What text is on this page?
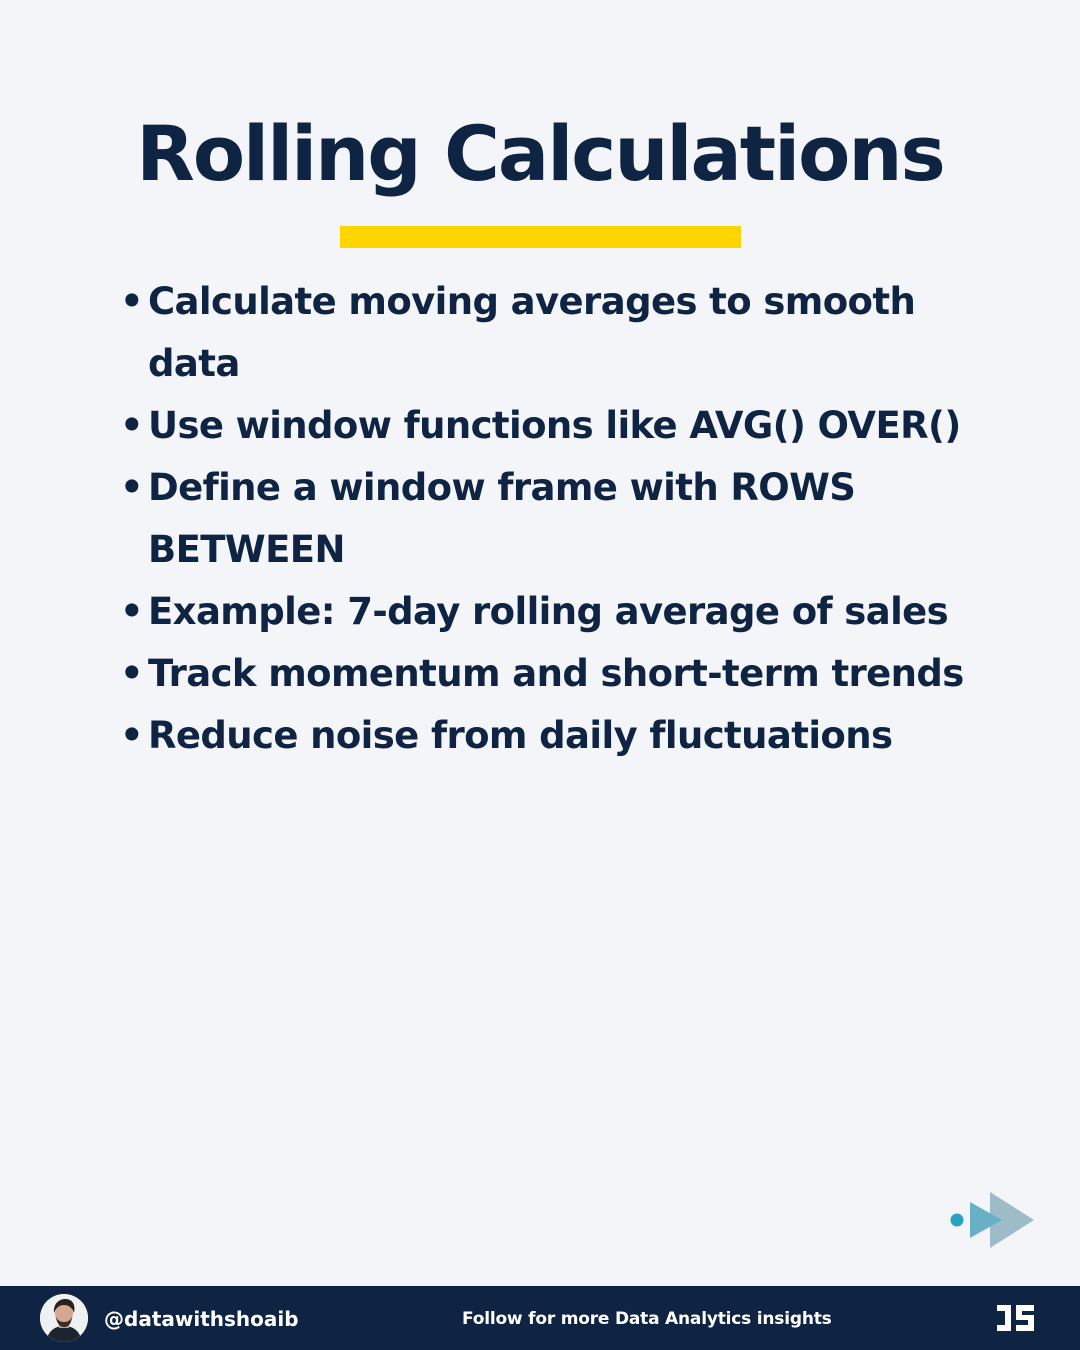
Rolling Calculations
• Calculate moving averages to smooth data
• Use window functions like AVG() OVER()
• Define a window frame with ROWS BETWEEN
• Example: 7-day rolling average of sales
• Track momentum and short-term trends
• Reduce noise from daily fluctuations
@datawithshoaib	Follow for more Data Analytics insights
